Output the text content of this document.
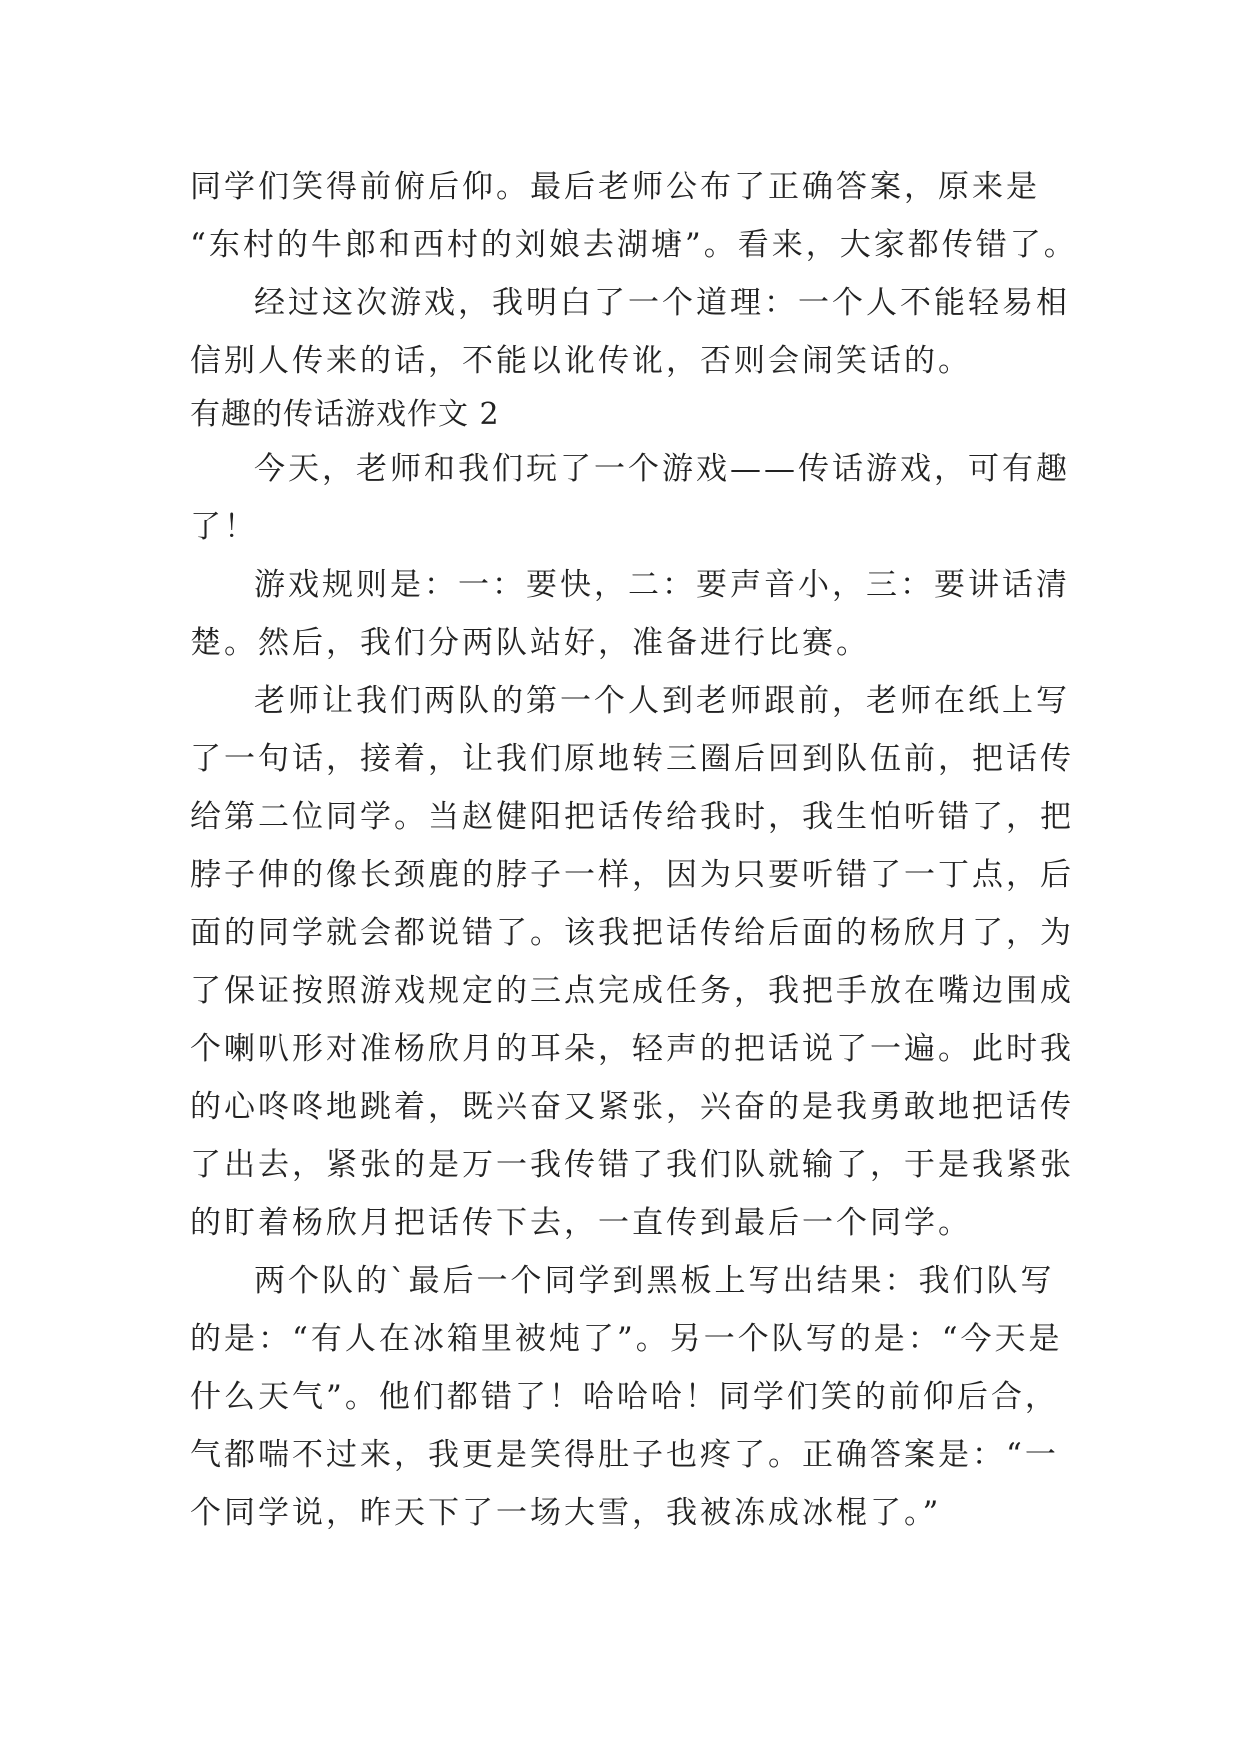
同学们笑得前俯后仰。最后老师公布了正确答案，原来是
“东村的牛郎和西村的刘娘去湖塘”。看来，大家都传错了。
经过这次游戏，我明白了一个道理：一个人不能轻易相
信别人传来的话，不能以讹传讹，否则会闹笑话的。
有趣的传话游戏作文 2
今天，老师和我们玩了一个游戏——传话游戏，可有趣
了！
游戏规则是：一：要快，二：要声音小，三：要讲话清
楚。然后，我们分两队站好，准备进行比赛。
老师让我们两队的第一个人到老师跟前，老师在纸上写
了一句话，接着，让我们原地转三圈后回到队伍前，把话传
给第二位同学。当赵健阳把话传给我时，我生怕听错了，把
脖子伸的像长颈鹿的脖子一样，因为只要听错了一丁点，后
面的同学就会都说错了。该我把话传给后面的杨欣月了，为
了保证按照游戏规定的三点完成任务，我把手放在嘴边围成
个喇叭形对准杨欣月的耳朵，轻声的把话说了一遍。此时我
的心咚咚地跳着，既兴奋又紧张，兴奋的是我勇敢地把话传
了出去，紧张的是万一我传错了我们队就输了，于是我紧张
的盯着杨欣月把话传下去，一直传到最后一个同学。
两个队的`最后一个同学到黑板上写出结果：我们队写
的是：“有人在冰箱里被炖了”。另一个队写的是：“今天是
什么天气”。他们都错了！哈哈哈！同学们笑的前仰后合，
气都喘不过来，我更是笑得肚子也疼了。正确答案是：“一
个同学说，昨天下了一场大雪，我被冻成冰棍了。”
